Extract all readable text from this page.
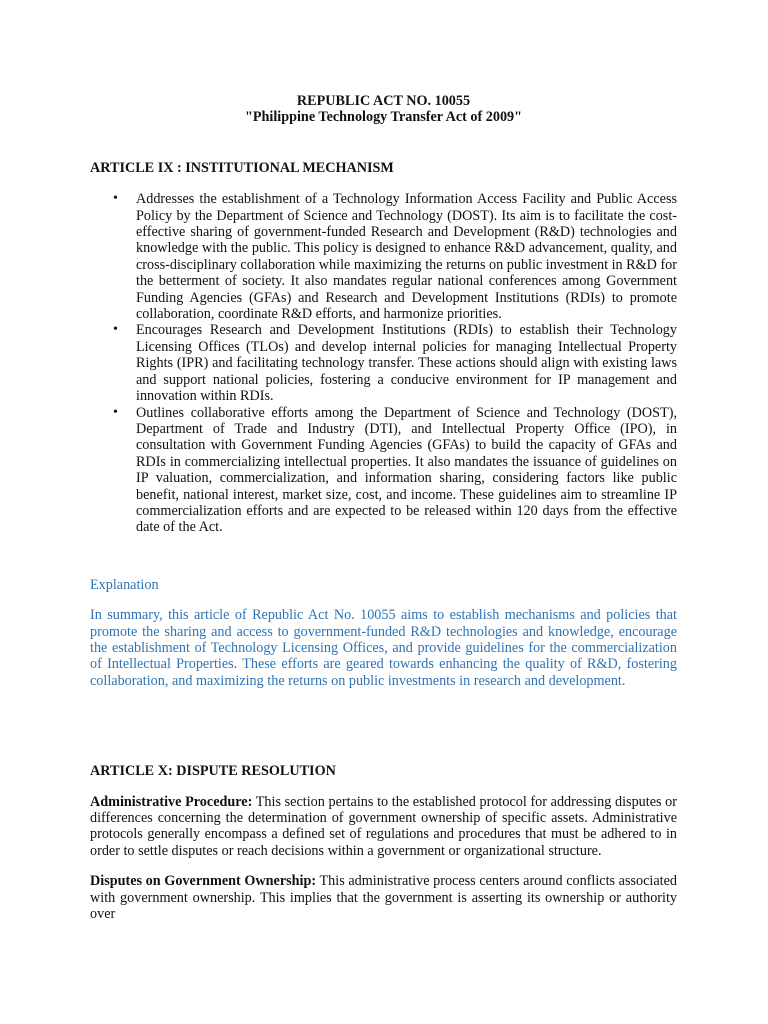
REPUBLIC ACT NO. 10055

"Philippine Technology Transfer Act of 2009"

ARTICLE IX : INSTITUTIONAL MECHANISM

• Addresses the establishment of a Technology Information Access Facility and Public Access Policy by the Department of Science and Technology (DOST). Its aim is to facilitate the cost-effective sharing of government-funded Research and Development (R&D) technologies and knowledge with the public. This policy is designed to enhance R&D advancement, quality, and cross-disciplinary collaboration while maximizing the returns on public investment in R&D for the betterment of society. It also mandates regular national conferences among Government Funding Agencies (GFAs) and Research and Development Institutions (RDIs) to promote collaboration, coordinate R&D efforts, and harmonize priorities.
• Encourages Research and Development Institutions (RDIs) to establish their Technology Licensing Offices (TLOs) and develop internal policies for managing Intellectual Property Rights (IPR) and facilitating technology transfer. These actions should align with existing laws and support national policies, fostering a conducive environment for IP management and innovation within RDIs.
• Outlines collaborative efforts among the Department of Science and Technology (DOST), Department of Trade and Industry (DTI), and Intellectual Property Office (IPO), in consultation with Government Funding Agencies (GFAs) to build the capacity of GFAs and RDIs in commercializing intellectual properties. It also mandates the issuance of guidelines on IP valuation, commercialization, and information sharing, considering factors like public benefit, national interest, market size, cost, and income. These guidelines aim to streamline IP commercialization efforts and are expected to be released within 120 days from the effective date of the Act.

Explanation

In summary, this article of Republic Act No. 10055 aims to establish mechanisms and policies that promote the sharing and access to government-funded R&D technologies and knowledge, encourage the establishment of Technology Licensing Offices, and provide guidelines for the commercialization of Intellectual Properties. These efforts are geared towards enhancing the quality of R&D, fostering collaboration, and maximizing the returns on public investments in research and development.

ARTICLE X: DISPUTE RESOLUTION

Administrative Procedure: This section pertains to the established protocol for addressing disputes or differences concerning the determination of government ownership of specific assets. Administrative protocols generally encompass a defined set of regulations and procedures that must be adhered to in order to settle disputes or reach decisions within a government or organizational structure.

Disputes on Government Ownership: This administrative process centers around conflicts associated with government ownership. This implies that the government is asserting its ownership or authority over
